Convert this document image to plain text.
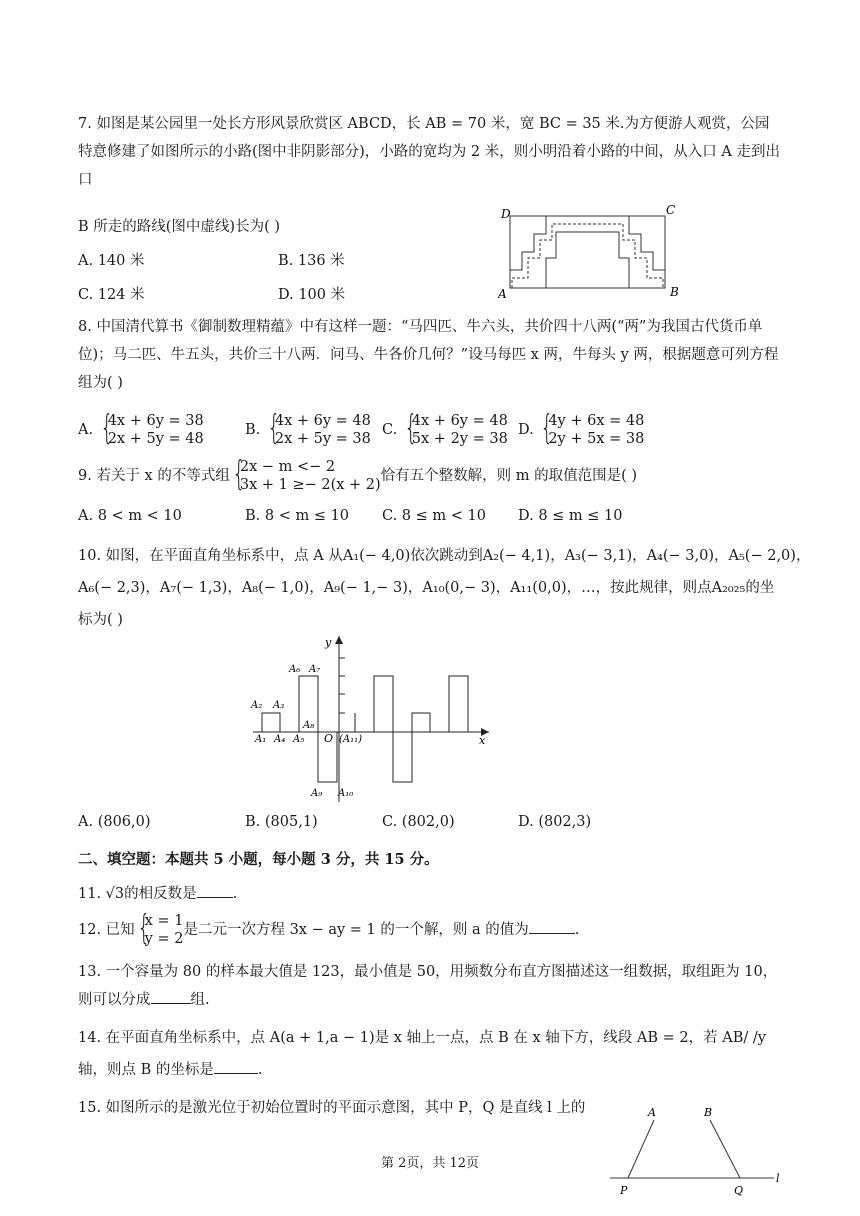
7. 如图是某公园里一处长方形风景欣赏区 ABCD，长 AB = 70 米，宽 BC = 35 米.为方便游人观赏，公园特意修建了如图所示的小路(图中非阴影部分)，小路的宽均为 2 米，则小明沿着小路的中间，从入口 A 走到出口
B 所走的路线(图中虚线)长为( )
A. 140 米	B. 136 米
C. 124 米	D. 100 米	A	B
C
D
8. 中国清代算书《御制数理精蕴》中有这样一题：“马四匹、牛六头，共价四十八两(“两”为我国古代货币单位)；马二匹、牛五头，共价三十八两．问马、牛各价几何？”设马每匹 x 两，牛每头 y 两，根据题意可列方程组为( )
A.
{ 4x + 6y = 38
2x + 5y = 48
B.
{ 4x + 6y = 48
2x + 5y = 38
C.
{ 4x + 6y = 48
5x + 2y = 38
D.
{ 4y + 6x = 48
2y + 5x = 38
9. 若关于 x 的不等式组
{ 2x − m <− 2
3x + 1 ≥− 2(x + 2)
恰有五个整数解，则 m 的取值范围是( )
A. 8 < m < 10	B. 8 < m ≤ 10 C. 8 ≤ m < 10 D. 8 ≤ m ≤ 10
10. 如图，在平面直角坐标系中，点 A 从A₁(− 4,0)依次跳动到A₂(− 4,1)，A₃(− 3,1)，A₄(− 3,0)，A₅(− 2,0)，
A₆(− 2,3)，A₇(− 1,3)，A₈(− 1,0)，A₉(− 1,− 3)，A₁₀(0,− 3)，A₁₁(0,0)，…，按此规律，则点A₂₀₂₅的坐
标为( )
y
x
O
A₁
A₂ A₃
A₄ A₅
A₆ A₇
A₈
A₉ A₁₀
(A₁₁)
A. (806,0)	B. (805,1)	C. (802,0)	D. (802,3)
二、填空题：本题共 5 小题，每小题 3 分，共 15 分。
11. √3的相反数是 .
12. 已知
{ x = 1
y = 2
是二元一次方程 3x − ay = 1 的一个解，则 a 的值为	.
13. 一个容量为 80 的样本最大值是 123，最小值是 50，用频数分布直方图描述这一组数据，取组距为 10，则可以分成	组.
14. 在平面直角坐标系中，点 A(a + 1,a − 1)是 x 轴上一点，点 B 在 x 轴下方，线段 AB = 2，若 AB/ /y
轴，则点 B 的坐标是	.
15. 如图所示的是激光位于初始位置时的平面示意图，其中 P，Q 是直线 l 上的	A	B
P	Q
l
第 2页，共 12页
